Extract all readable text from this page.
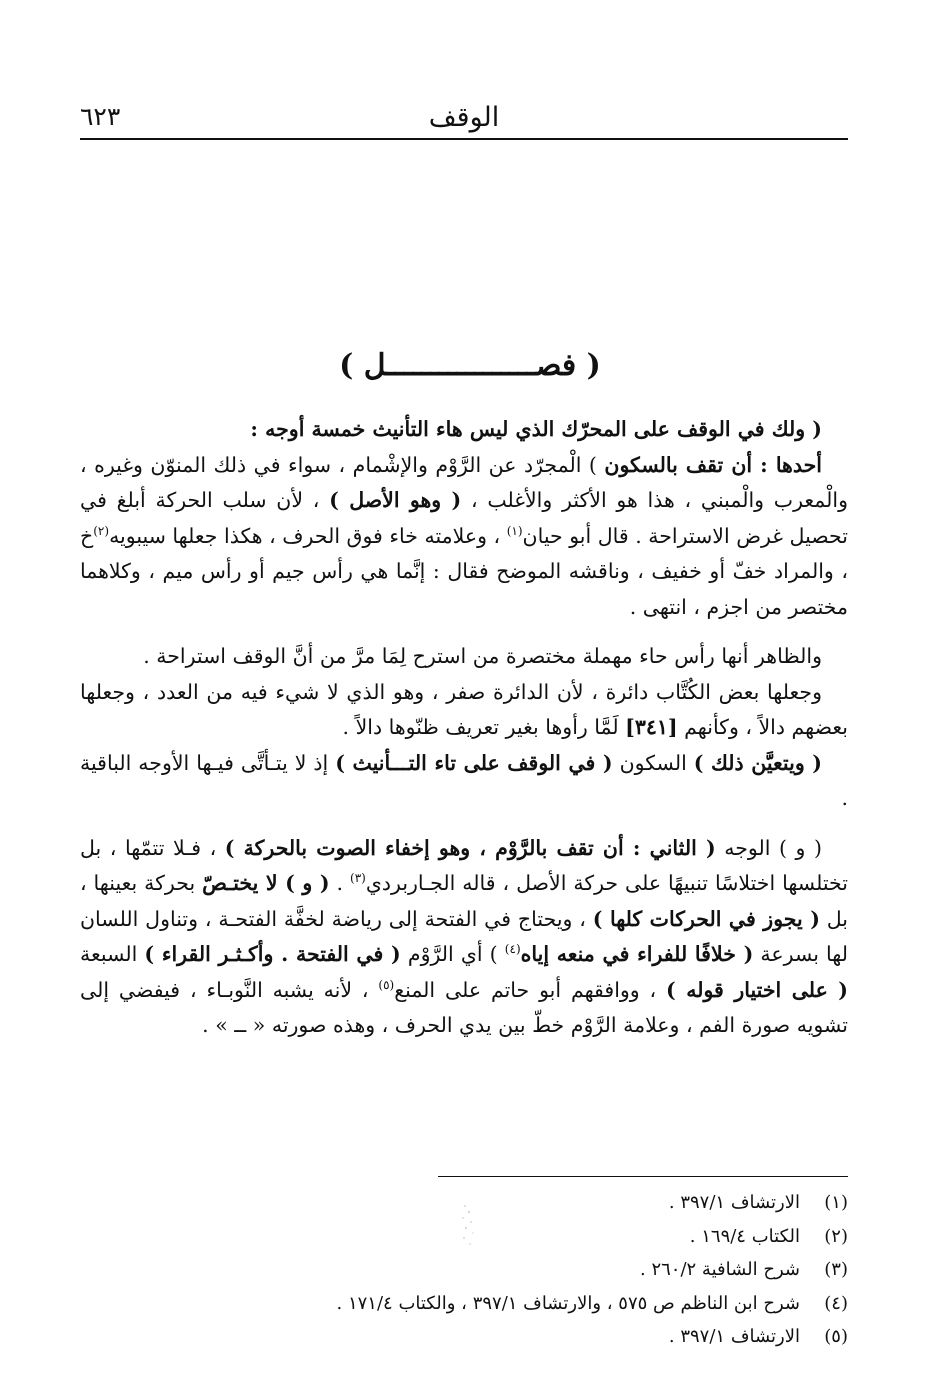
الوقف
٦٢٣
( فصـــــــــــــــــل )

( ولك في الوقف على المحرّك الذي ليس هاء التأنيث خمسة أوجه :

أحدها : أن تقف بالسكون ) الْمجرّد عن الرَّوْم والإشْمام ، سواء في ذلك المنوّن وغيره ، والْمعرب والْمبني ، هذا هو الأكثر والأغلب ، ( وهو الأصل ) ، لأن سلب الحركة أبلغ في تحصيل غرض الاستراحة . قال أبو حيان$^{(١)}$ ، وعلامته خاء فوق الحرف ، هكذا جعلها سيبويه$^{(٢)}$خ ، والمراد خفّ أو خفيف ، وناقشه الموضح فقال : إنَّما هي رأس جيم أو رأس ميم ، وكلاهما مختصر من اجزم ، انتهى .

والظاهر أنها رأس حاء مهملة مختصرة من استرح لِمَا مرَّ من أنَّ الوقف استراحة .

وجعلها بعض الكُتَّاب دائرة ، لأن الدائرة صفر ، وهو الذي لا شيء فيه من العدد ، وجعلها بعضهم دالاً ، وكأنهم [٣٤١] لَمَّا رأوها بغير تعريف ظنّوها دالاً .

( ويتعيَّن ذلك ) السكون ( في الوقف على تاء التـــأنيث ) إذ لا يتـأتَّى فيـها الأوجه الباقية .

( و ) الوجه ( الثاني : أن تقف بالرَّوْم ، وهو إخفاء الصوت بالحركة ) ، فـلا تتمّها ، بل تختلسها اختلاسًا تنبيهًا على حركة الأصل ، قاله الجـاربردي$^{(٣)}$ . ( و ) لا يختـصّ بحركة بعينها ، بل ( يجوز في الحركات كلها ) ، ويحتاج في الفتحة إلى رياضة لخفَّة الفتحـة ، وتناول اللسان لها بسرعة ( خلافًا للفراء في منعه إياه$^{(٤)}$ ) أي الرَّوْم ( في الفتحة . وأكـثـر القراء ) السبعة ( على اختيار قوله ) ، ووافقهم أبو حاتم على المنع$^{(٥)}$ ، لأنه يشبه النَّوبـاء ، فيفضي إلى تشويه صورة الفم ، وعلامة الرَّوْم خطّ بين يدي الحرف ، وهذه صورته « ــ » .

(١)
الارتشاف ٣٩٧/١ .
(٢)
الكتاب ١٦٩/٤ .
(٣)
شرح الشافية ٢٦٠/٢ .
(٤)
شرح ابن الناظم ص ٥٧٥ ، والارتشاف ٣٩٧/١ ، والكتاب ١٧١/٤ .
(٥)
الارتشاف ٣٩٧/١ .
